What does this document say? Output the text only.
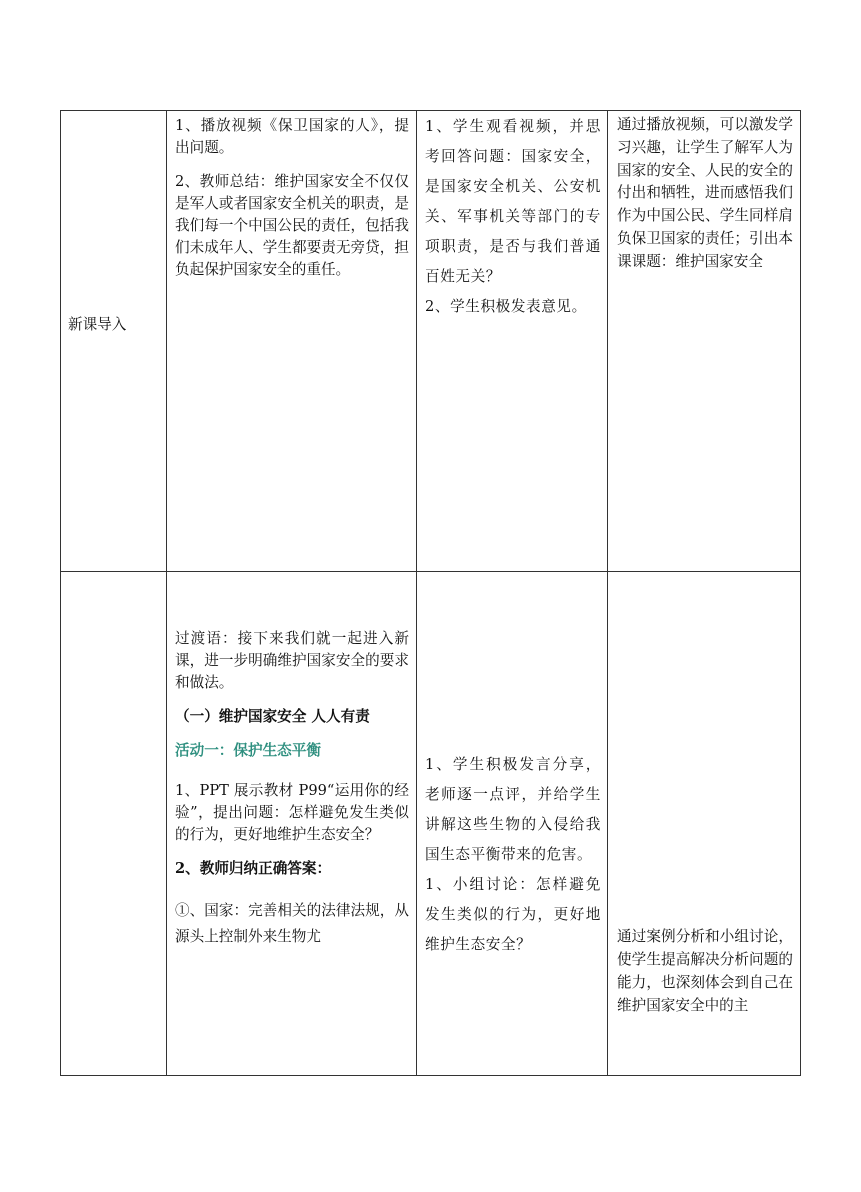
新课导入

1、播放视频《保卫国家的人》，提出问题。

2、教师总结：维护国家安全不仅仅是军人或者国家安全机关的职责，是我们每一个中国公民的责任，包括我们未成年人、学生都要责无旁贷，担负起保护国家安全的重任。

1、学生观看视频，并思考回答问题：国家安全，是国家安全机关、公安机关、军事机关等部门的专项职责，是否与我们普通百姓无关？

2、学生积极发表意见。

通过播放视频，可以激发学习兴趣，让学生了解军人为国家的安全、人民的安全的付出和牺牲，进而感悟我们作为中国公民、学生同样肩负保卫国家的责任；引出本课课题：维护国家安全

过渡语：接下来我们就一起进入新课，进一步明确维护国家安全的要求和做法。

（一）维护国家安全 人人有责

活动一：保护生态平衡

1、PPT 展示教材 P99“运用你的经验”，提出问题：怎样避免发生类似的行为，更好地维护生态安全？

2、教师归纳正确答案：

①、国家：完善相关的法律法规，从源头上控制外来生物尤

1、学生积极发言分享，老师逐一点评，并给学生讲解这些生物的入侵给我国生态平衡带来的危害。

1、小组讨论：怎样避免发生类似的行为，更好地维护生态安全？	通过案例分析和小组讨论，使学生提高解决分析问题的能力，也深刻体会到自己在维护国家安全中的主
